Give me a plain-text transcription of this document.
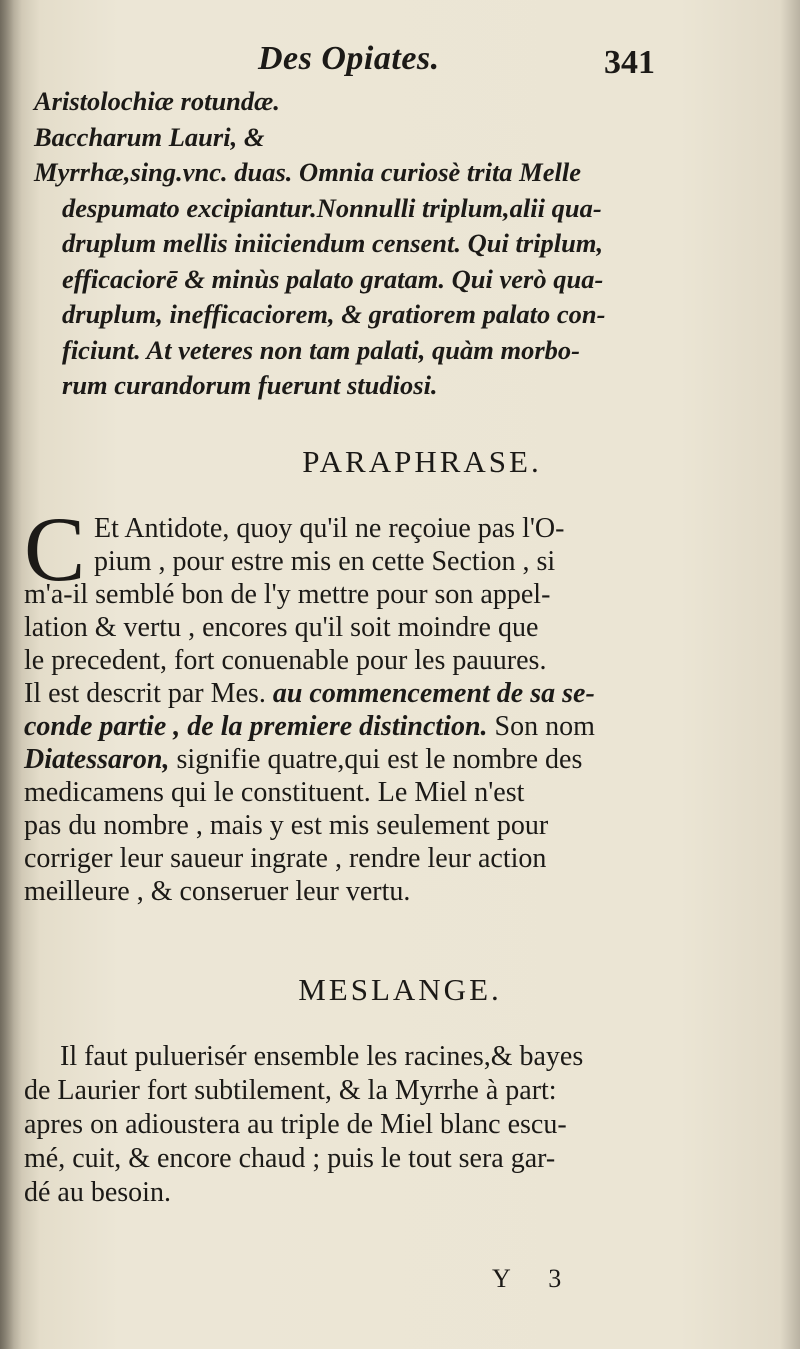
Des Opiates.	341
Aristolochiæ rotundæ.
Baccharum Lauri, &
Myrrhæ,sing.vnc. duas. Omnia curiosè trita Melle
despumato excipiantur.Nonnulli triplum,alii qua-
druplum mellis iniiciendum censent. Qui triplum,
efficaciorē & minùs palato gratam. Qui verò qua-
druplum, inefficaciorem, & gratiorem palato con-
ficiunt. At veteres non tam palati, quàm morbo-
rum curandorum fuerunt studiosi.
PARAPHRASE.
C Et Antidote, quoy qu'il ne reçoiue pas l'O-
pium , pour estre mis en cette Section , si
m'a-il semblé bon de l'y mettre pour son appel-
lation & vertu , encores qu'il soit moindre que
le precedent, fort conuenable pour les pauures.
Il est descrit par Mes. au commencement de sa se-
conde partie , de la premiere distinction. Son nom
Diatessaron, signifie quatre,qui est le nombre des
medicamens qui le constituent. Le Miel n'est
pas du nombre , mais y est mis seulement pour
corriger leur saueur ingrate , rendre leur action
meilleure , & conseruer leur vertu.
MESLANGE.
Il faut puluerisér ensemble les racines,& bayes
de Laurier fort subtilement, & la Myrrhe à part:
apres on adioustera au triple de Miel blanc escu-
mé, cuit, & encore chaud ; puis le tout sera gar-
dé au besoin.
Y 3
